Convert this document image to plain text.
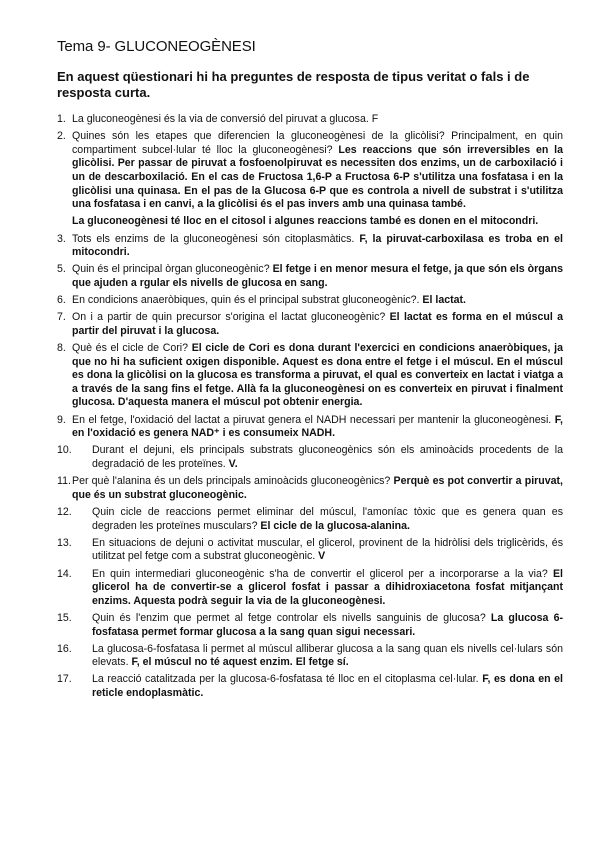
Tema 9- GLUCONEOGÈNESI
En aquest qüestionari hi ha preguntes de resposta de tipus veritat o fals i de resposta curta.
1. La gluconeogènesi és la via de conversió del piruvat a glucosa. F
2. Quines són les etapes que diferencien la gluconeogènesi de la glicòlisi? Principalment, en quin compartiment subcel·lular té lloc la gluconeogènesi? Les reaccions que són irreversibles en la glicòlisi. Per passar de piruvat a fosfoenolpiruvat es necessiten dos enzims, un de carboxilació i un de descarboxilació. En el cas de Fructosa 1,6-P a Fructosa 6-P s'utilitza una fosfatasa i en la glicòlisi una quinasa. En el pas de la Glucosa 6-P que es controla a nivell de substrat i s'utilitza una fosfatasa i en canvi, a la glicòlisi és el pas invers amb una quinasa també.
La gluconeogènesi té lloc en el citosol i algunes reaccions també es donen en el mitocondri.
3. Tots els enzims de la gluconeogènesi són citoplasmàtics. F, la piruvat-carboxilasa es troba en el mitocondri.
5. Quin és el principal òrgan gluconeogènic? El fetge i en menor mesura el fetge, ja que són els òrgans que ajuden a rgular els nivells de glucosa en sang.
6. En condicions anaeròbiques, quin és el principal substrat gluconeogènic?. El lactat.
7. On i a partir de quin precursor s'origina el lactat gluconeogènic? El lactat es forma en el múscul a partir del piruvat i la glucosa.
8. Què és el cicle de Cori? El cicle de Cori es dona durant l'exercici en condicions anaeròbiques, ja que no hi ha suficient oxigen disponible. Aquest es dona entre el fetge i el múscul. En el múscul es dona la glicòlisi on la glucosa es transforma a piruvat, el qual es converteix en lactat i viatga a a través de la sang fins el fetge. Allà fa la gluconeogènesi on es converteix en piruvat i finalment glucosa. D'aquesta manera el múscul pot obtenir energia.
9. En el fetge, l'oxidació del lactat a piruvat genera el NADH necessari per mantenir la gluconeogènesi. F, en l'oxidació es genera NAD⁺ i es consumeix NADH.
10.	Durant el dejuni, els principals substrats gluconeogènics són els aminoàcids procedents de la degradació de les proteïnes. V.
11. Per què l'alanina és un dels principals aminoàcids gluconeogènics? Perquè es pot convertir a piruvat, que és un substrat gluconeogènic.
12.	Quin cicle de reaccions permet eliminar del múscul, l'amoníac tòxic que es genera quan es degraden les proteïnes musculars? El cicle de la glucosa-alanina.
13.	En situacions de dejuni o activitat muscular, el glicerol, provinent de la hidròlisi dels triglicèrids, és utilitzat pel fetge com a substrat gluconeogènic. V
14.	En quin intermediari gluconeogènic s'ha de convertir el glicerol per a incorporarse a la via? El glicerol ha de convertir-se a glicerol fosfat i passar a dihidroxiacetona fosfat mitjançant enzims. Aquesta podrà seguir la via de la gluconeogènesi.
15.	Quin és l'enzim que permet al fetge controlar els nivells sanguinis de glucosa? La glucosa 6-fosfatasa permet formar glucosa a la sang quan sigui necessari.
16.	La glucosa-6-fosfatasa li permet al múscul alliberar glucosa a la sang quan els nivells cel·lulars són elevats. F, el múscul no té aquest enzim. El fetge sí.
17.	La reacció catalitzada per la glucosa-6-fosfatasa té lloc en el citoplasma cel·lular. F, es dona en el reticle endoplasmàtic.
